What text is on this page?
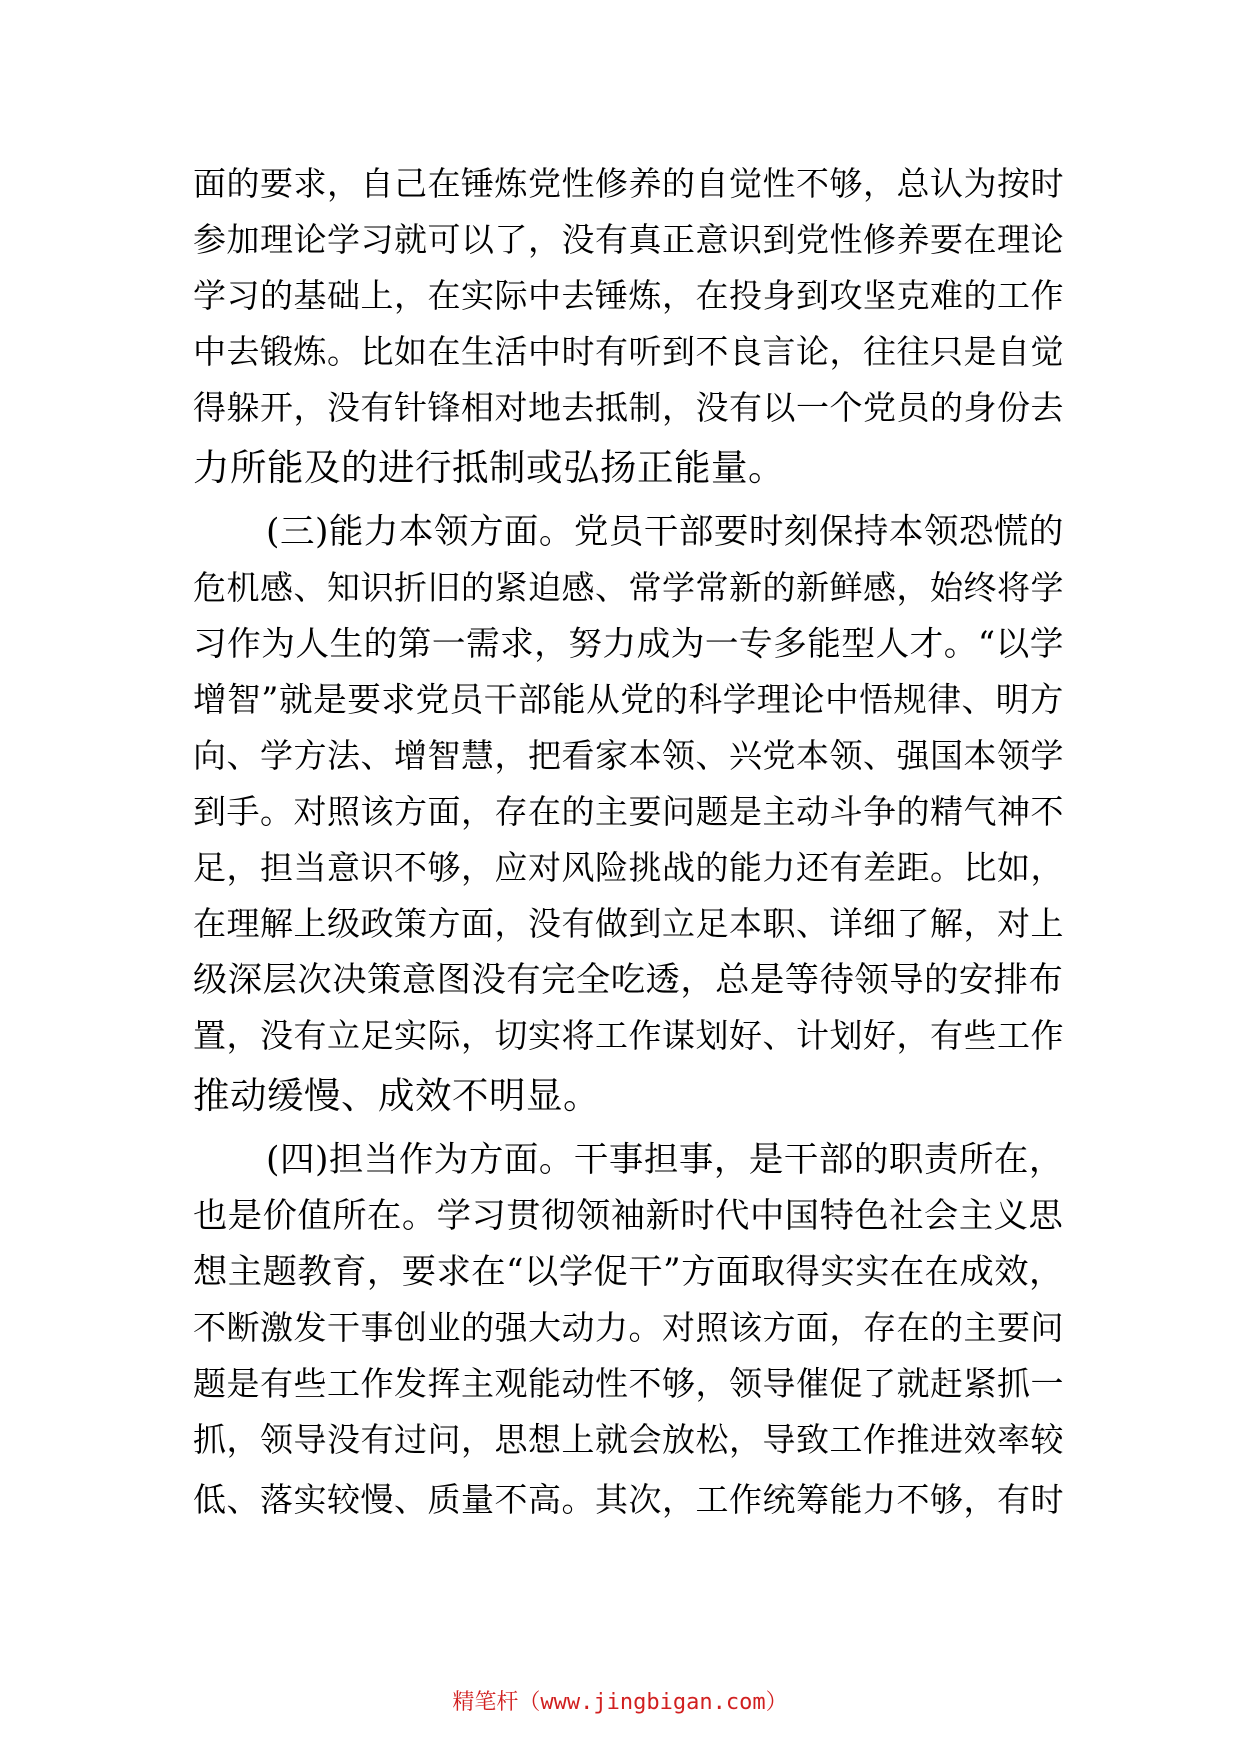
面的要求，自己在锤炼党性修养的自觉性不够，总认为按时
参加理论学习就可以了，没有真正意识到党性修养要在理论
学习的基础上，在实际中去锤炼，在投身到攻坚克难的工作
中去锻炼。比如在生活中时有听到不良言论，往往只是自觉
得躲开，没有针锋相对地去抵制，没有以一个党员的身份去
力所能及的进行抵制或弘扬正能量。
(三)能力本领方面。党员干部要时刻保持本领恐慌的
危机感、知识折旧的紧迫感、常学常新的新鲜感，始终将学
习作为人生的第一需求，努力成为一专多能型人才。“以学
增智”就是要求党员干部能从党的科学理论中悟规律、明方
向、学方法、增智慧，把看家本领、兴党本领、强国本领学
到手。对照该方面，存在的主要问题是主动斗争的精气神不
足，担当意识不够，应对风险挑战的能力还有差距。比如，
在理解上级政策方面，没有做到立足本职、详细了解，对上
级深层次决策意图没有完全吃透，总是等待领导的安排布
置，没有立足实际，切实将工作谋划好、计划好，有些工作
推动缓慢、成效不明显。
(四)担当作为方面。干事担事，是干部的职责所在，
也是价值所在。学习贯彻领袖新时代中国特色社会主义思
想主题教育，要求在“以学促干”方面取得实实在在成效，
不断激发干事创业的强大动力。对照该方面，存在的主要问
题是有些工作发挥主观能动性不够，领导催促了就赶紧抓一
抓，领导没有过问，思想上就会放松，导致工作推进效率较
低、落实较慢、质量不高。其次，工作统筹能力不够，有时
精笔杆（www.jingbigan.com）
